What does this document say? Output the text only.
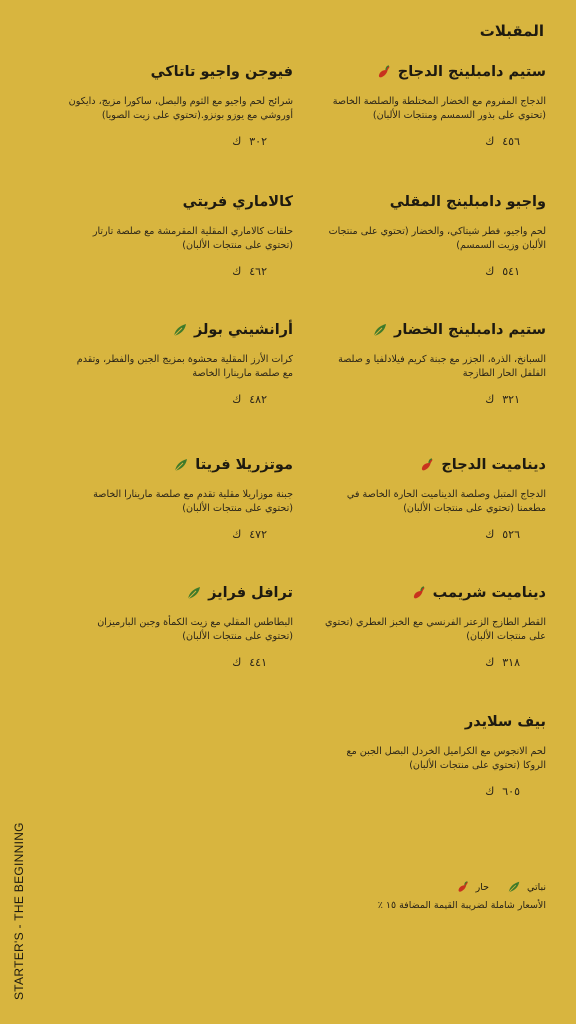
المقبلات
ستيم دامبلينج الدجاج
الدجاج المفروم مع الخضار المختلطة والصلصة الخاصة (تحتوي على بذور السمسم ومنتجات الألبان)
٤٥٦
ك
فيوجن واجيو تاتاكي
شرائح لحم واجيو مع الثوم والبصل، ساكورا مزيج، دايكون أوروشي مع يوزو بونزو.(تحتوي على زيت الصويا)
٣٠٢
ك
واجيو دامبلينج المقلي
لحم واجيو، فطر شيتاكي، والخضار (تحتوي على منتجات الألبان وزيت السمسم)
٥٤١
ك
كالاماري فريتي
حلقات كالاماري المقلية المقرمشة مع صلصة تارتار (تحتوي على منتجات الألبان)
٤٦٢
ك
ستيم دامبلينج الخضار
السبانخ، الذرة، الجزر مع جبنة كريم فيلادلفيا و صلصة الفلفل الحار الطازجة
٣٢١
ك
أرانشيني بولز
كرات الأرز المقلية محشوة بمزيج الجبن والفطر، وتقدم مع صلصة مارينارا الخاصة
٤٨٢
ك
ديناميت الدجاج
الدجاج المتبل وصلصة الديناميت الحارة الخاصة في مطعمنا (تحتوي على منتجات الألبان)
٥٢٦
ك
موتزريلا فريتا
جبنة موزاريلا مقلية تقدم مع صلصة مارينارا الخاصة (تحتوي على منتجات الألبان)
٤٧٢
ك
ديناميت شريمب
القطر الطازج الزعتر الفرنسي مع الخبز العطري (تحتوي على منتجات الألبان)
٣١٨
ك
ترافل فرايز
البطاطس المقلي مع زيت الكمأة وجبن البارميزان (تحتوي على منتجات الألبان)
٤٤١
ك
بيف سلايدر
لحم الانجوس مع الكراميل الخردل البصل الجبن مع الروكا (تحتوي على منتجات الألبان)
٦٠٥
ك
نباتي
حار
الأسعار شاملة لضريبة القيمة المضافة ١٥ ٪
STARTER'S - THE BEGINNING
